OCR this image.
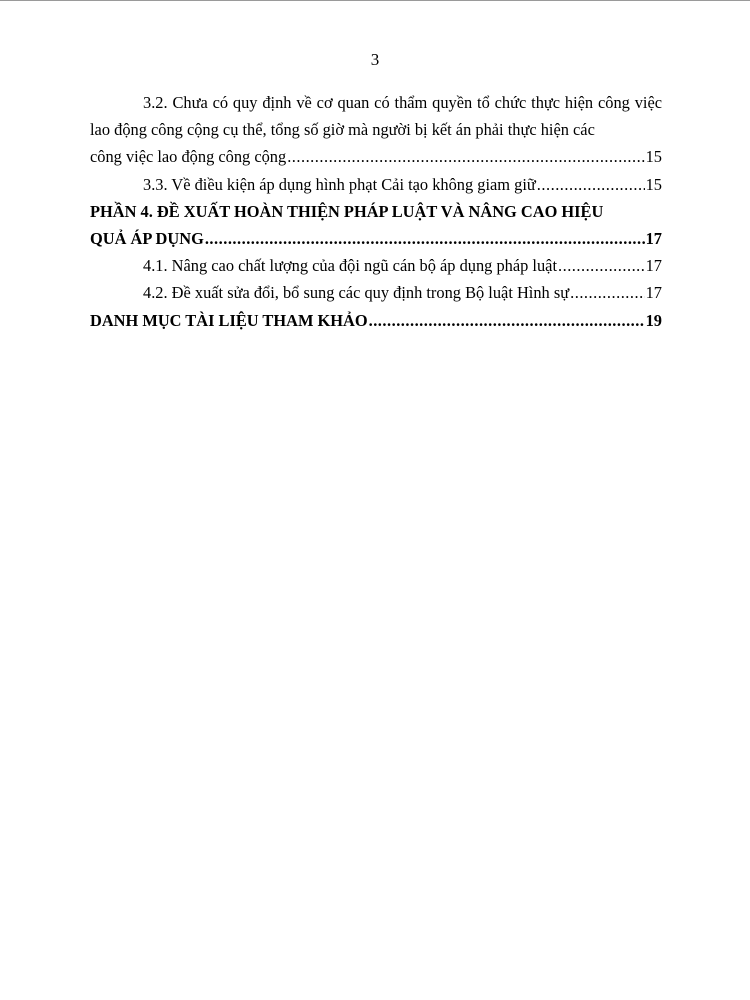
3

3.2. Chưa có quy định về cơ quan có thẩm quyền tổ chức thực hiện công việc lao động công cộng cụ thể, tổng số giờ mà người bị kết án phải thực hiện các

công việc lao động công cộng .....	15
3.3. Về điều kiện áp dụng hình phạt Cải tạo không giam giữ .....	15

PHẦN 4. ĐỀ XUẤT HOÀN THIỆN PHÁP LUẬT VÀ NÂNG CAO HIỆU

QUẢ ÁP DỤNG .....	17
4.1. Nâng cao chất lượng của đội ngũ cán bộ áp dụng pháp luật .....	17
4.2. Đề xuất sửa đổi, bổ sung các quy định trong Bộ luật Hình sự .....	17
DANH MỤC TÀI LIỆU THAM KHẢO .....	19
